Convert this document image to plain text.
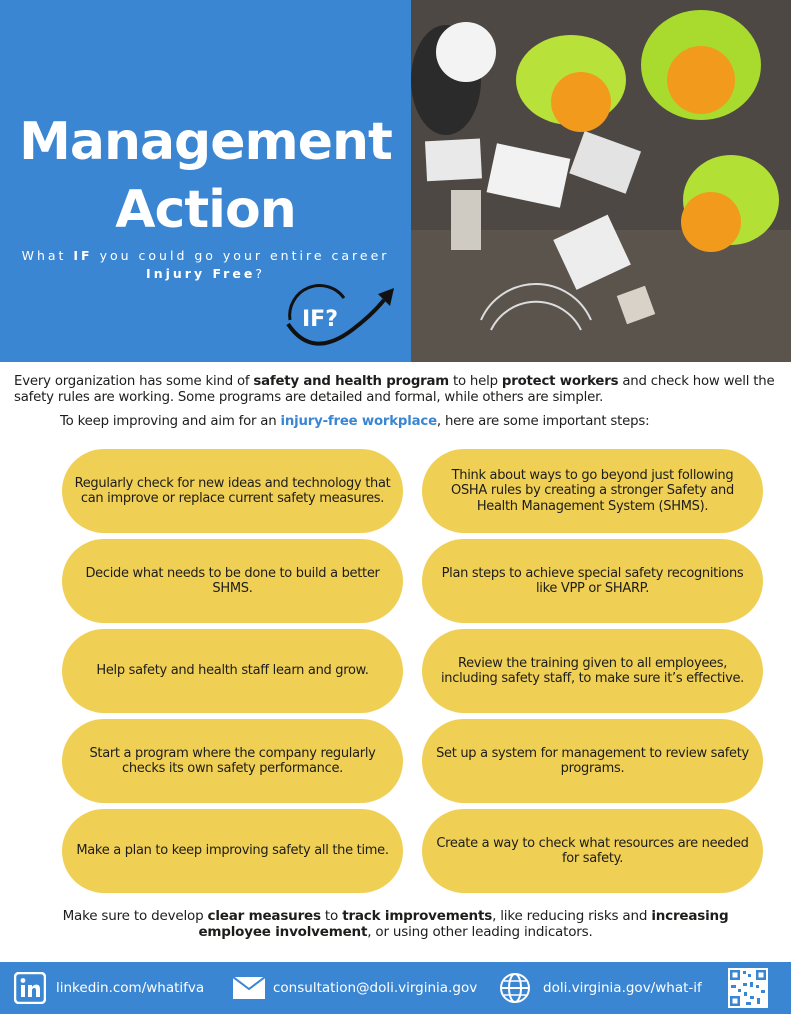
Management
Action
What IF you could go your entire career
Injury Free?
IF?
Every organization has some kind of safety and health program to help protect workers and check how well the safety rules are working. Some programs are detailed and formal, while others are simpler.
To keep improving and aim for an injury-free workplace, here are some important steps:
Regularly check for new ideas and technology that can improve or replace current safety measures.
Think about ways to go beyond just following OSHA rules by creating a stronger Safety and Health Management System (SHMS).
Decide what needs to be done to build a better SHMS.
Plan steps to achieve special safety recognitions like VPP or SHARP.
Help safety and health staff learn and grow.
Review the training given to all employees, including safety staff, to make sure it’s effective.
Start a program where the company regularly checks its own safety performance.
Set up a system for management to review safety programs.
Make a plan to keep improving safety all the time.
Create a way to check what resources are needed for safety.
Make sure to develop clear measures to track improvements, like reducing risks and increasing employee involvement, or using other leading indicators.
linkedin.com/whatifva	consultation@doli.virginia.gov	doli.virginia.gov/what-if
